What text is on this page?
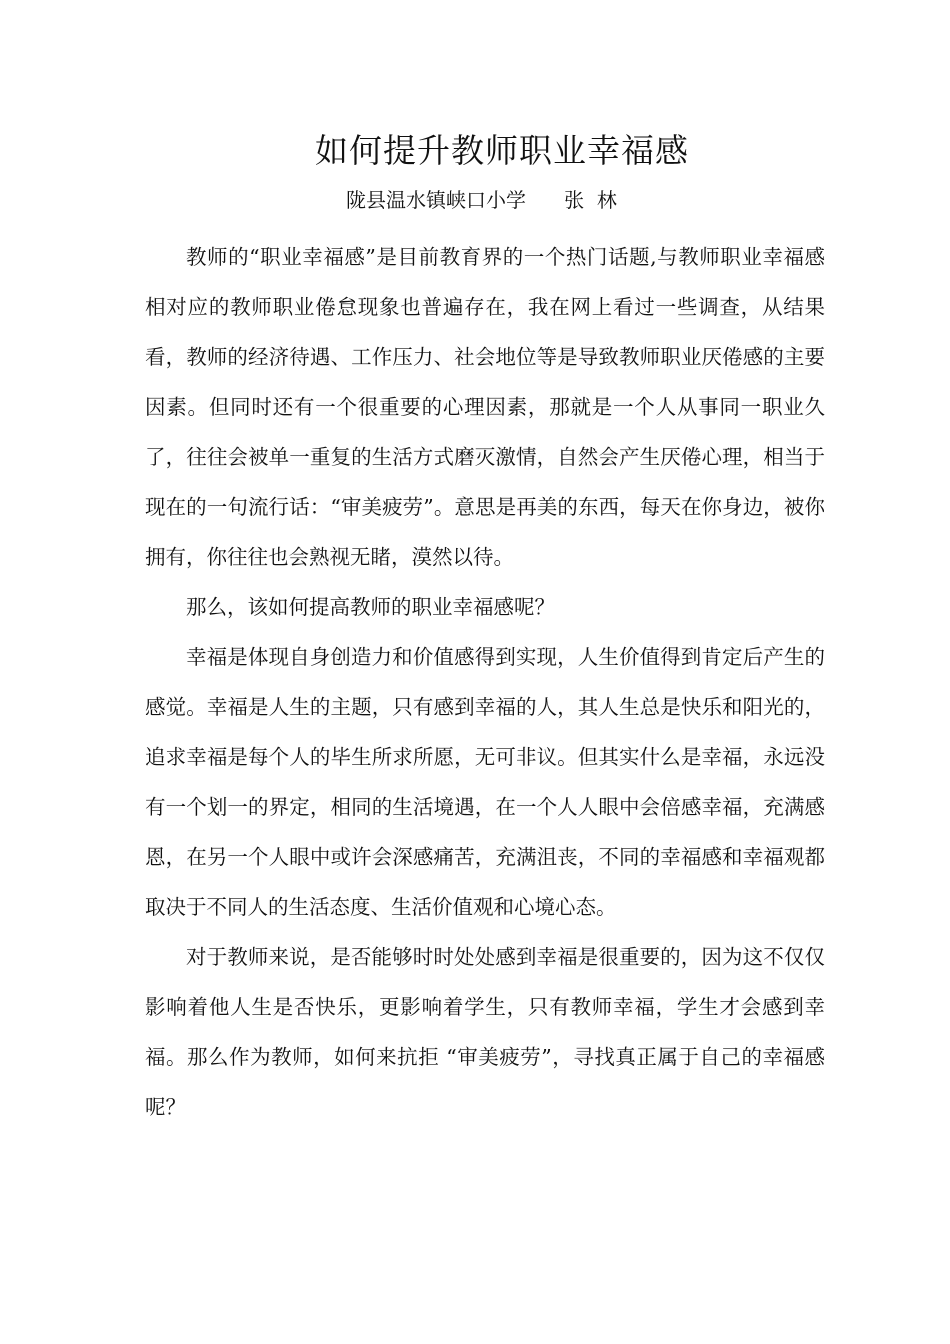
如何提升教师职业幸福感
陇县温水镇峡口小学      张  林

教师的“职业幸福感”是目前教育界的一个热门话题,与教师职业幸福感相对应的教师职业倦怠现象也普遍存在，我在网上看过一些调查，从结果看，教师的经济待遇、工作压力、社会地位等是导致教师职业厌倦感的主要因素。但同时还有一个很重要的心理因素，那就是一个人从事同一职业久了，往往会被单一重复的生活方式磨灭激情，自然会产生厌倦心理，相当于现在的一句流行话：“审美疲劳”。意思是再美的东西，每天在你身边，被你拥有，你往往也会熟视无睹，漠然以待。

那么，该如何提高教师的职业幸福感呢？

幸福是体现自身创造力和价值感得到实现，人生价值得到肯定后产生的感觉。幸福是人生的主题，只有感到幸福的人，其人生总是快乐和阳光的，追求幸福是每个人的毕生所求所愿，无可非议。但其实什么是幸福，永远没有一个划一的界定，相同的生活境遇，在一个人人眼中会倍感幸福，充满感恩，在另一个人眼中或许会深感痛苦，充满沮丧，不同的幸福感和幸福观都取决于不同人的生活态度、生活价值观和心境心态。

对于教师来说，是否能够时时处处感到幸福是很重要的，因为这不仅仅影响着他人生是否快乐，更影响着学生，只有教师幸福，学生才会感到幸福。那么作为教师，如何来抗拒 “审美疲劳”，寻找真正属于自己的幸福感呢？
